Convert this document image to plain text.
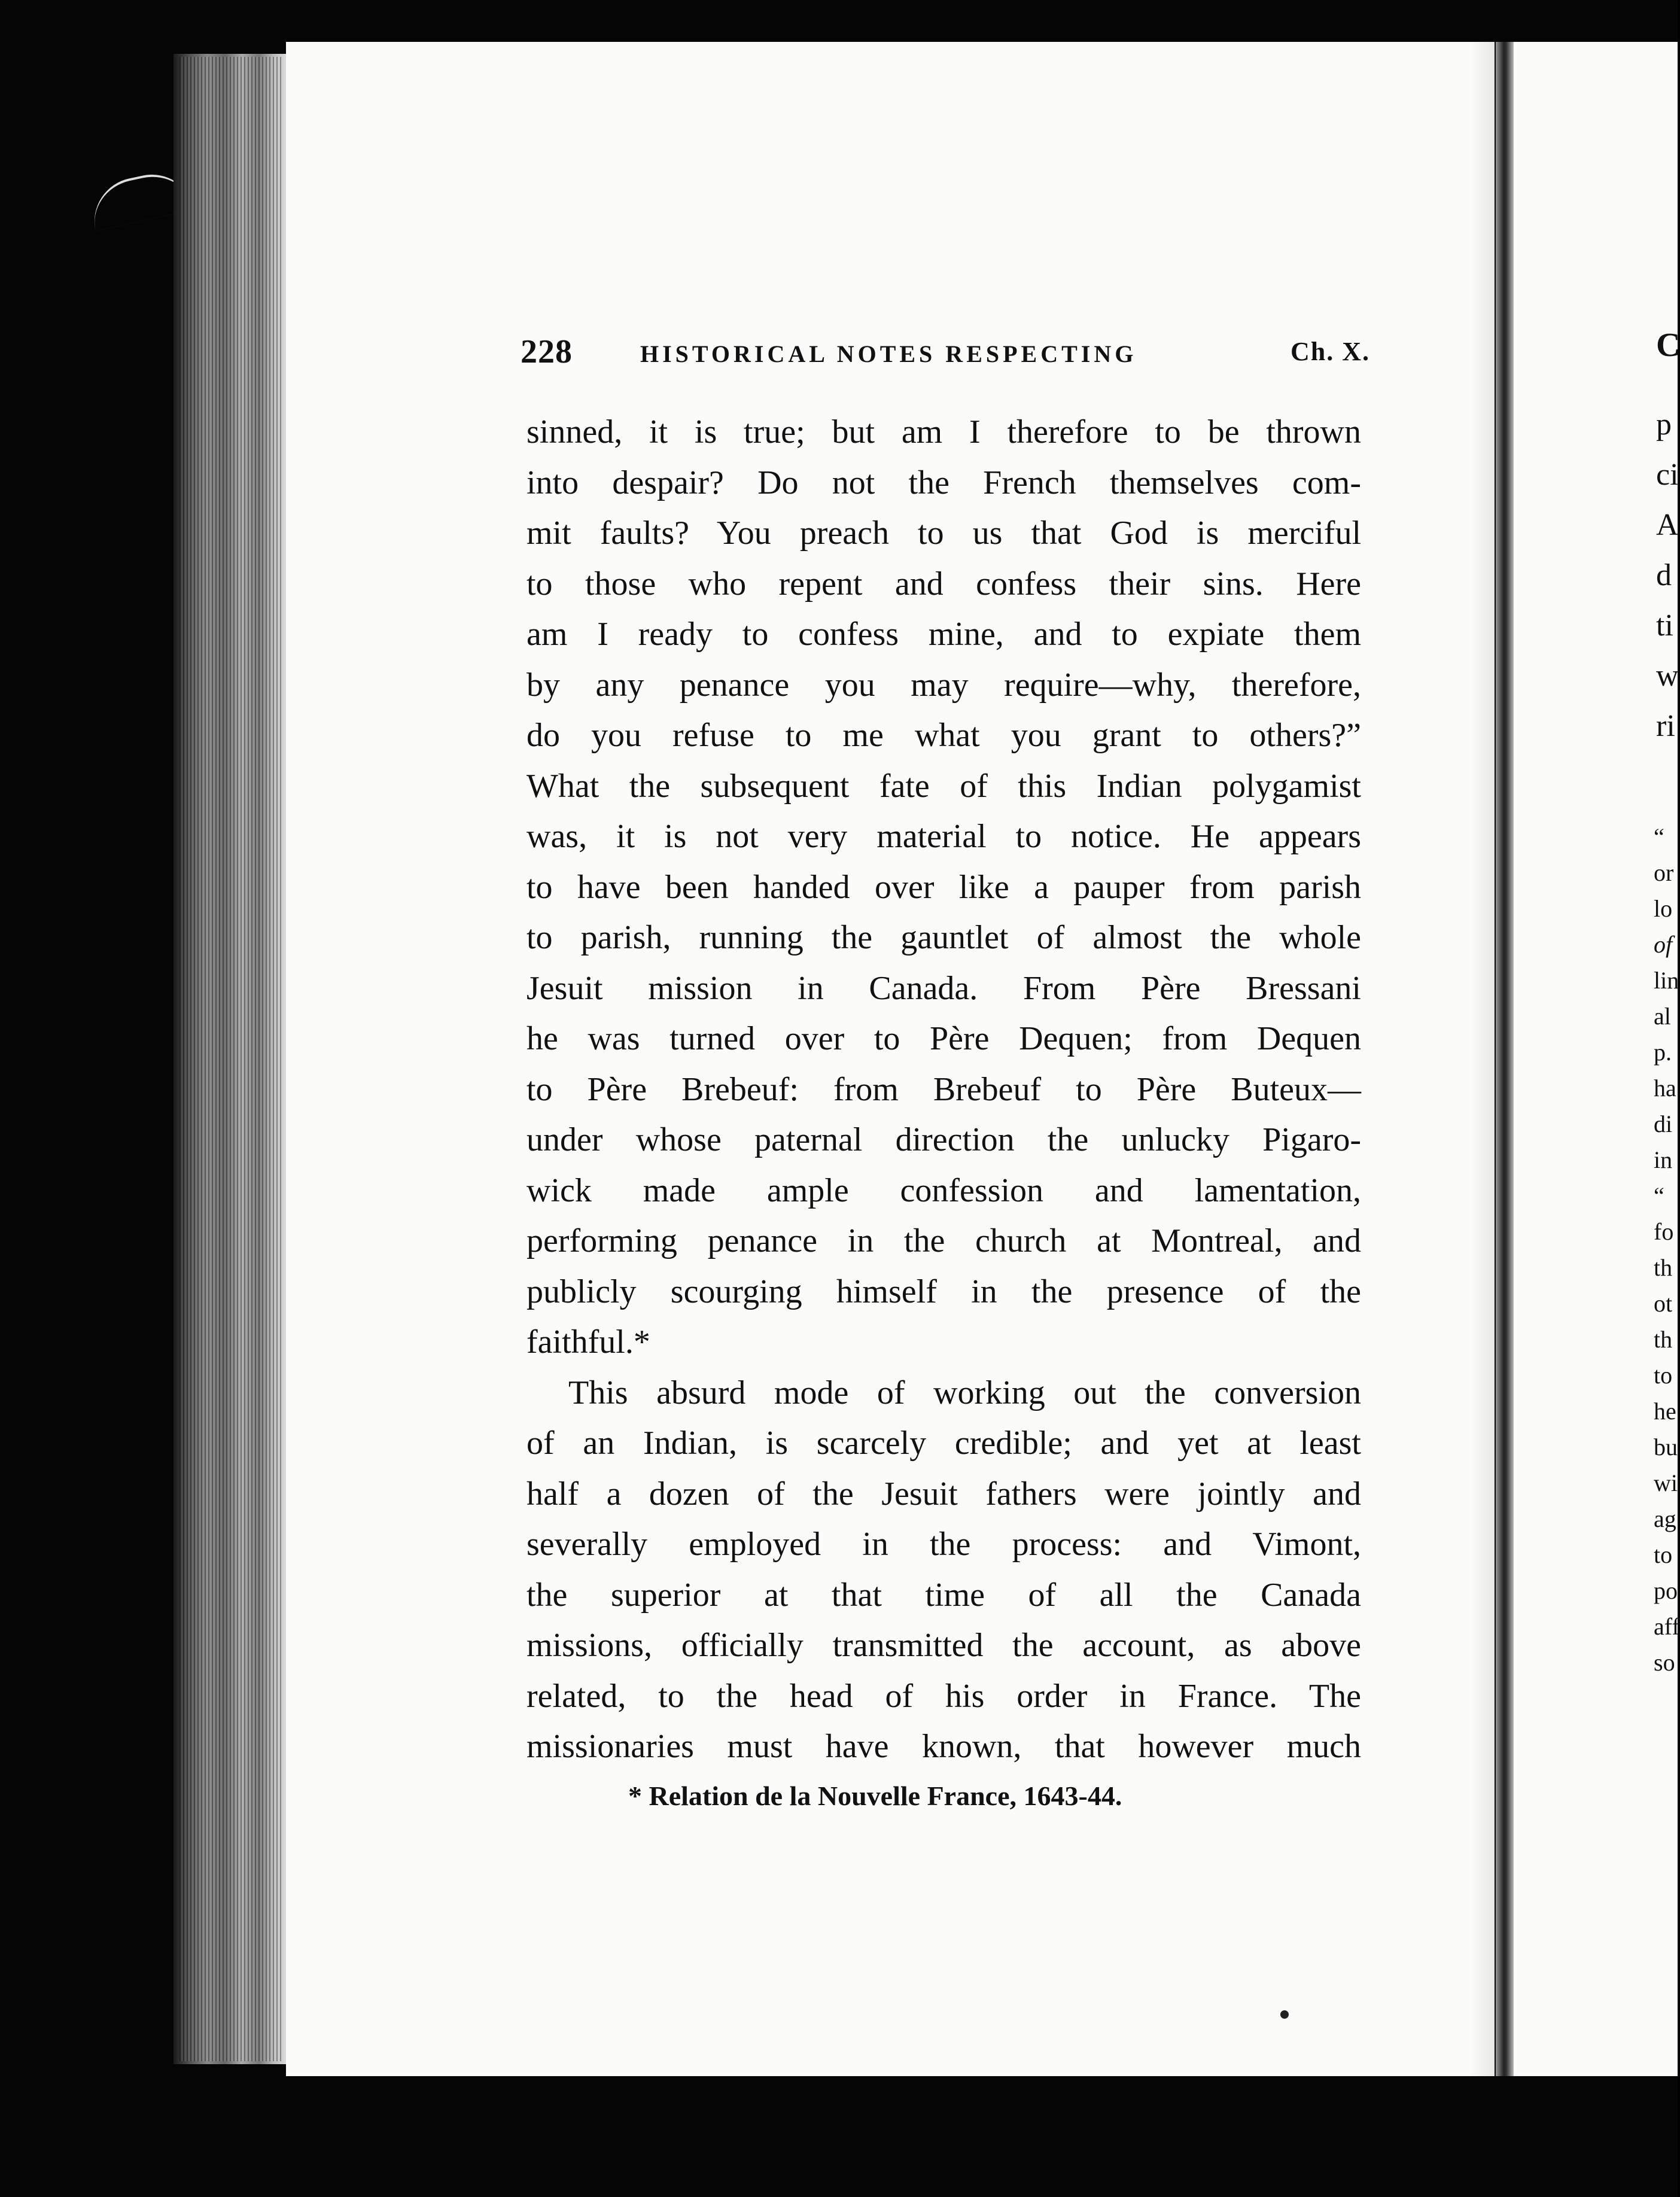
228	HISTORICAL NOTES RESPECTING	Ch. X.
sinned, it is true; but am I therefore to be thrown
into despair? Do not the French themselves com-
mit faults? You preach to us that God is merciful
to those who repent and confess their sins. Here
am I ready to confess mine, and to expiate them
by any penance you may require—why, therefore,
do you refuse to me what you grant to others?”
What the subsequent fate of this Indian polygamist
was, it is not very material to notice. He appears
to have been handed over like a pauper from parish
to parish, running the gauntlet of almost the whole
Jesuit mission in Canada. From Père Bressani
he was turned over to Père Dequen; from Dequen
to Père Brebeuf: from Brebeuf to Père Buteux—
under whose paternal direction the unlucky Pigaro-
wick made ample confession and lamentation,
performing penance in the church at Montreal, and
publicly scourging himself in the presence of the
faithful.*
This absurd mode of working out the conversion
of an Indian, is scarcely credible; and yet at least
half a dozen of the Jesuit fathers were jointly and
severally employed in the process: and Vimont,
the superior at that time of all the Canada
missions, officially transmitted the account, as above
related, to the head of his order in France. The
missionaries must have known, that however much
* Relation de la Nouvelle France, 1643-44.
C
p
ci
A
d
ti
w
ri
“
or
lo
of
lin
al
p.
ha
di
in
“
fo
th
ot
th
to
he
bu
wi
ag
to
po
aff
so
